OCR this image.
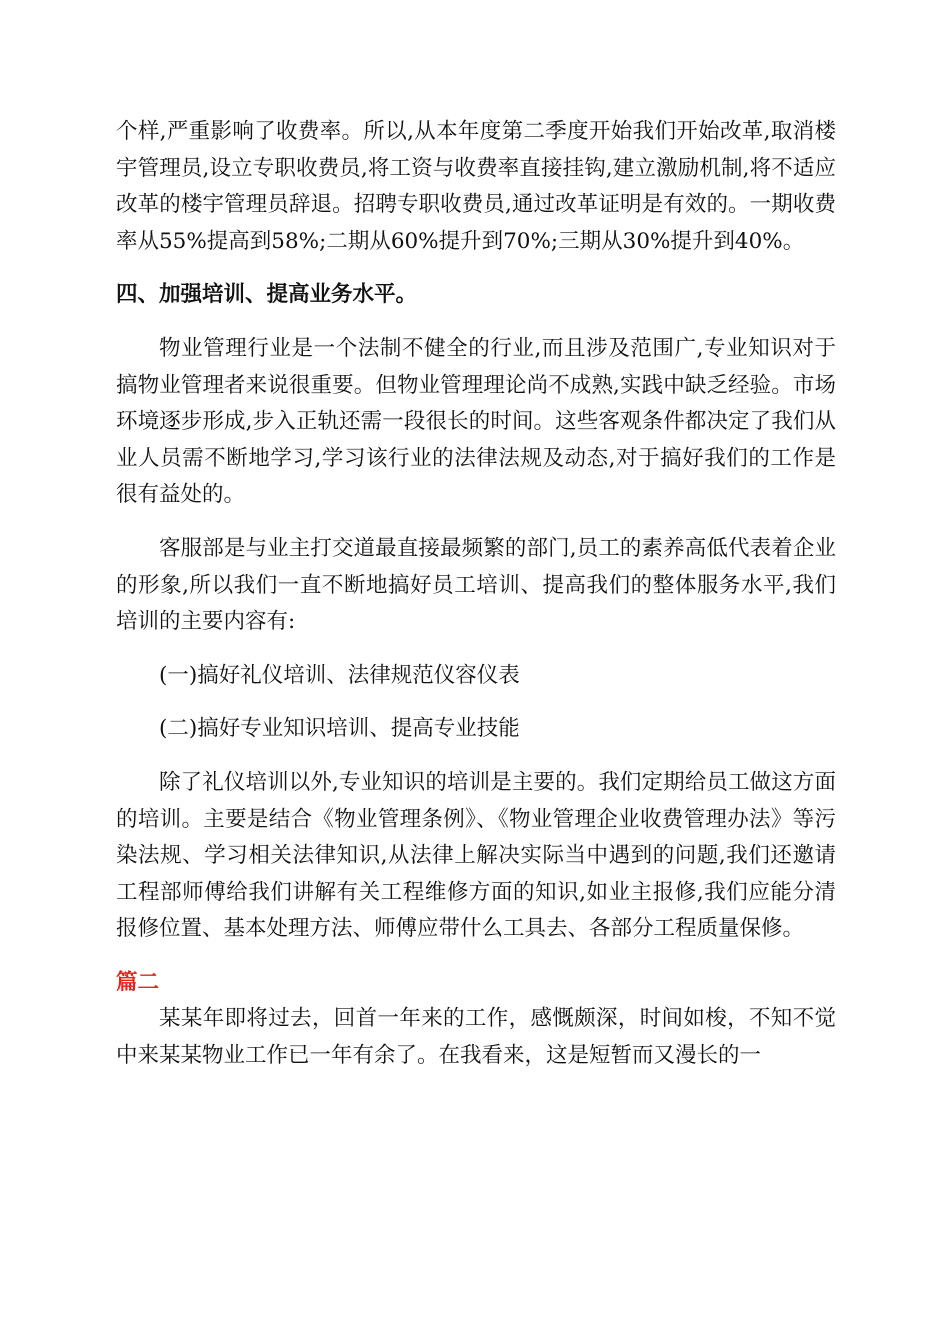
个样,严重影响了收费率。所以,从本年度第二季度开始我们开始改革,取消楼宇管理员,设立专职收费员,将工资与收费率直接挂钩,建立激励机制,将不适应改革的楼宇管理员辞退。招聘专职收费员,通过改革证明是有效的。一期收费率从55%提高到58%;二期从60%提升到70%;三期从30%提升到40%。

四、加强培训、提高业务水平。

物业管理行业是一个法制不健全的行业,而且涉及范围广,专业知识对于搞物业管理者来说很重要。但物业管理理论尚不成熟,实践中缺乏经验。市场环境逐步形成,步入正轨还需一段很长的时间。这些客观条件都决定了我们从业人员需不断地学习,学习该行业的法律法规及动态,对于搞好我们的工作是很有益处的。

客服部是与业主打交道最直接最频繁的部门,员工的素养高低代表着企业的形象,所以我们一直不断地搞好员工培训、提高我们的整体服务水平,我们培训的主要内容有:

(一)搞好礼仪培训、法律规范仪容仪表

(二)搞好专业知识培训、提高专业技能

除了礼仪培训以外,专业知识的培训是主要的。我们定期给员工做这方面的培训。主要是结合《物业管理条例》、《物业管理企业收费管理办法》等污染法规、学习相关法律知识,从法律上解决实际当中遇到的问题,我们还邀请工程部师傅给我们讲解有关工程维修方面的知识,如业主报修,我们应能分清报修位置、基本处理方法、师傅应带什么工具去、各部分工程质量保修。

篇二

某某年即将过去，回首一年来的工作，感慨颇深，时间如梭，不知不觉中来某某物业工作已一年有余了。在我看来，这是短暂而又漫长的一
